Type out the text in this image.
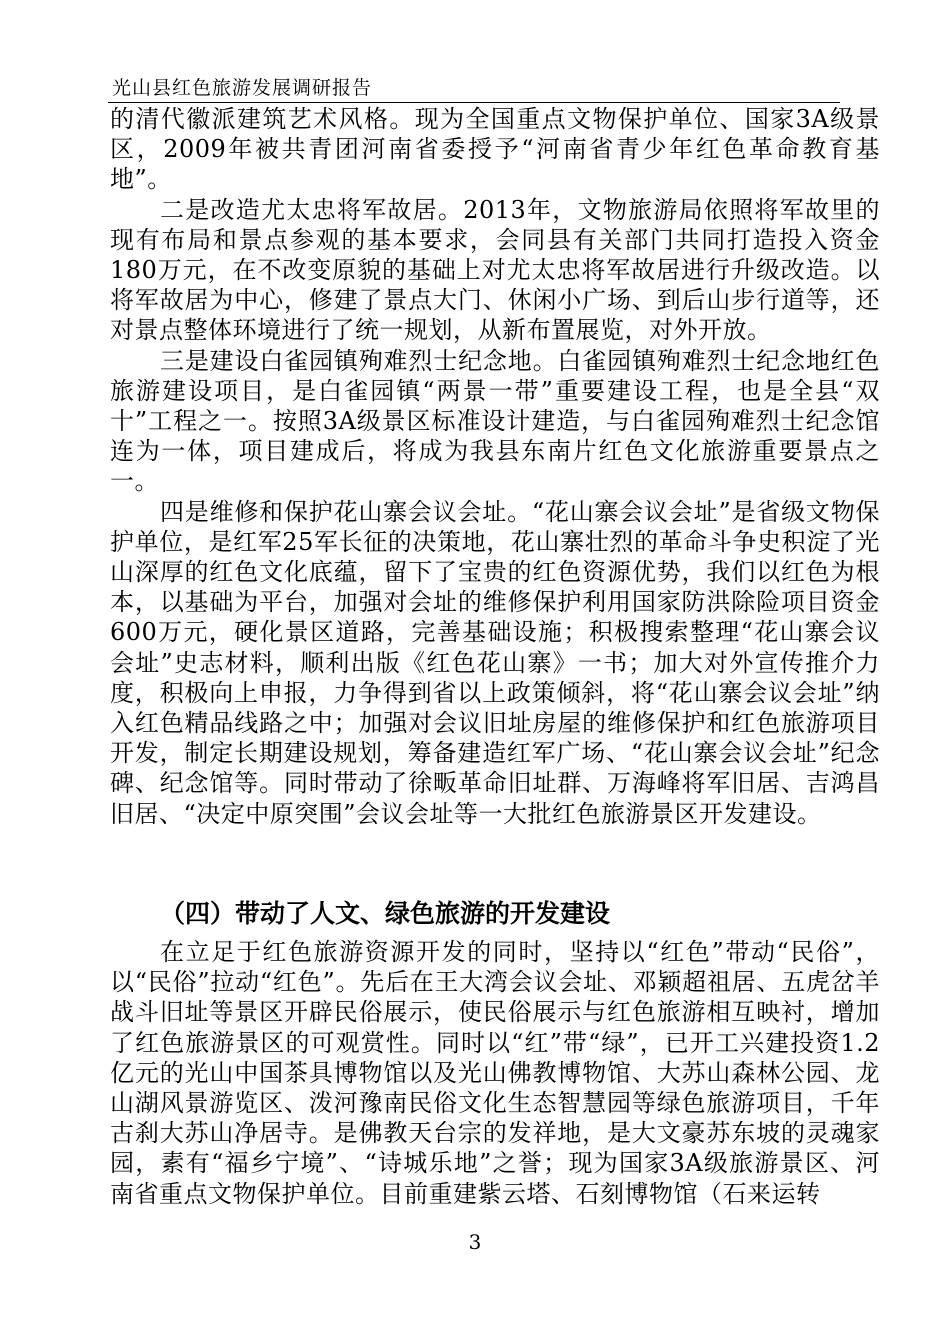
光山县红色旅游发展调研报告

的清代徽派建筑艺术风格。现为全国重点文物保护单位、国家3A级景区，2009年被共青团河南省委授予“河南省青少年红色革命教育基地”。

二是改造尤太忠将军故居。2013年，文物旅游局依照将军故里的现有布局和景点参观的基本要求，会同县有关部门共同打造投入资金180万元，在不改变原貌的基础上对尤太忠将军故居进行升级改造。以将军故居为中心，修建了景点大门、休闲小广场、到后山步行道等，还对景点整体环境进行了统一规划，从新布置展览，对外开放。

三是建设白雀园镇殉难烈士纪念地。白雀园镇殉难烈士纪念地红色旅游建设项目，是白雀园镇“两景一带”重要建设工程，也是全县“双十”工程之一。按照3A级景区标准设计建造，与白雀园殉难烈士纪念馆连为一体，项目建成后，将成为我县东南片红色文化旅游重要景点之一。

四是维修和保护花山寨会议会址。“花山寨会议会址”是省级文物保护单位，是红军25军长征的决策地，花山寨壮烈的革命斗争史积淀了光山深厚的红色文化底蕴，留下了宝贵的红色资源优势，我们以红色为根本，以基础为平台，加强对会址的维修保护利用国家防洪除险项目资金600万元，硬化景区道路，完善基础设施；积极搜索整理“花山寨会议会址”史志材料，顺利出版《红色花山寨》一书；加大对外宣传推介力度，积极向上申报，力争得到省以上政策倾斜，将“花山寨会议会址”纳入红色精品线路之中；加强对会议旧址房屋的维修保护和红色旅游项目开发，制定长期建设规划，筹备建造红军广场、“花山寨会议会址”纪念碑、纪念馆等。同时带动了徐畈革命旧址群、万海峰将军旧居、吉鸿昌旧居、“决定中原突围”会议会址等一大批红色旅游景区开发建设。

（四）带动了人文、绿色旅游的开发建设

在立足于红色旅游资源开发的同时，坚持以“红色”带动“民俗”，以“民俗”拉动“红色”。先后在王大湾会议会址、邓颖超祖居、五虎岔羊战斗旧址等景区开辟民俗展示，使民俗展示与红色旅游相互映衬，增加了红色旅游景区的可观赏性。同时以“红”带“绿”，已开工兴建投资1.2亿元的光山中国茶具博物馆以及光山佛教博物馆、大苏山森林公园、龙山湖风景游览区、泼河豫南民俗文化生态智慧园等绿色旅游项目，千年古刹大苏山净居寺。是佛教天台宗的发祥地，是大文豪苏东坡的灵魂家园，素有“福乡宁境”、“诗城乐地”之誉；现为国家3A级旅游景区、河南省重点文物保护单位。目前重建紫云塔、石刻博物馆（石来运转

3
